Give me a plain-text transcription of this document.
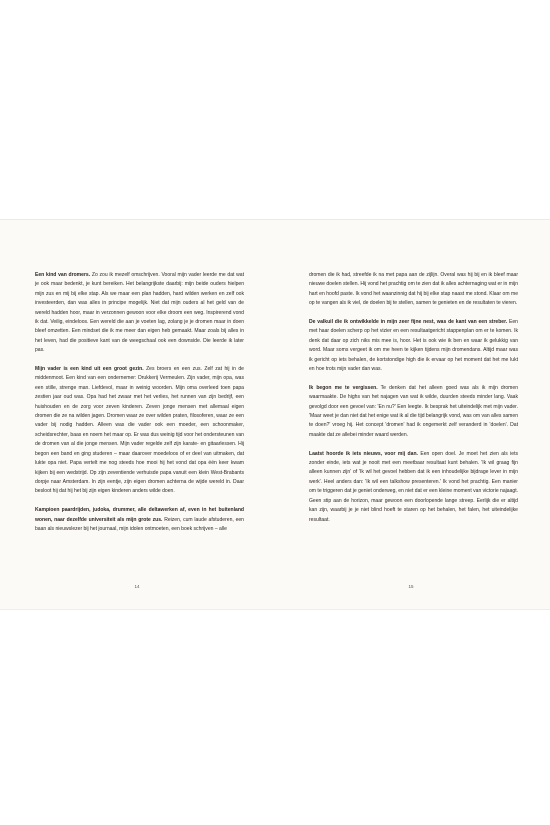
Een kind van dromers. Zo zou ik mezelf omschrijven. Vooral mijn vader leerde me dat wat je ook maar bedenkt, je kunt bereiken. Het belangrijkste daarbij: mijn beide ouders hielpen mijn zus en mij bij elke stap. Als we maar een plan hadden, hard wilden werken en zelf ook investeerden, dan was alles in principe mogelijk. Niet dat mijn ouders al het geld van de wereld hadden hoor, maar in verzonnen gewoon voor elke droom een weg. Inspirerend vond ik dat. Veilig, eindeloos. Een wereld die aan je voeten lag, zolang je je dromen maar in doen bleef omzetten. Een mindset die ik me meer dan eigen heb gemaakt. Maar zoals bij alles in het leven, had die positieve kant van de weegschaal ook een downside. Die leerde ik later pas.

Mijn vader is een kind uit een groot gezin. Zes broers en een zus. Zelf zat hij in de middenmoot. Een kind van een ondernemer: Drukkerij Vermeulen. Zijn vader, mijn opa, was een stille, strenge man. Liefdevol, maar in weinig woorden. Mijn oma overleed toen papa zestien jaar oud was. Opa had het zwaar met het verlies, het runnen van zijn bedrijf, een huishouden en de zorg voor zeven kinderen. Zeven jonge mensen met allemaal eigen dromen die ze na wilden jagen. Dromen waar ze over wilden praten, filosoferen, waar ze een vader bij nodig hadden. Alleen was die vader ook een moeder, een schoonmaker, scheidsrechter, baas en noem het maar op. Er was dus weinig tijd voor het ondersteunen van de dromen van al die jonge mensen. Mijn vader regelde zelf zijn karate- en gitaarlessen. Hij begon een band en ging studeren – maar daarover moedeloos of er deel van uitmaken, dat lukte opa niet. Papa vertelt me nog steeds hoe mooi hij het vond dat opa één keer kwam kijken bij een wedstrijd. Op zijn zeventiende verhuisde papa vanuit een klein West-Brabants dorpje naar Amsterdam. In zijn eentje, zijn eigen dromen achterna de wijde wereld in. Daar besloot hij dat hij het bij zijn eigen kinderen anders wilde doen.

Kampioen paardrijden, judoka, drummer, alle deltawerken af, even in het buitenland wonen, naar dezelfde universiteit als mijn grote zus. Reizen, cum laude afstuderen, een baan als nieuwslezer bij het journaal, mijn idolen ontmoeten, een boek schrijven – alle

14

dromen die ik had, streefde ik na met papa aan de zijlijn. Overal was hij bij en ik bleef maar nieuwe doelen stellen. Hij vond het prachtig om te zien dat ik alles achternaging wat er in mijn hart en hoofd paste. Ik vond het waanzinnig dat hij bij elke stap naast me stond. Klaar om me op te vangen als ik viel, de doelen bij te stellen, samen te genieten en de resultaten te vieren.

De valkuil die ik ontwikkelde in mijn zeer fijne nest, was de kant van een streber. Een met haar doelen scherp op het vizier en een resultaatgericht stappenplan om er te komen. Ik denk dat daar op zich niks mis mee is, hoor. Het is ook wie ik ben en waar ik gelukkig van word. Maar soms vergeet ik om me heen te kijken tijdens mijn dromendans. Altijd maar was ik gericht op iets behalen, de kortstondige high die ik ervaar op het moment dat het me lukt en hoe trots mijn vader dan was.

Ik begon me te vergissen. Te denken dat het alleen goed was als ik mijn dromen waarmaakte. De highs van het najagen van wat ik wilde, duurden steeds minder lang. Vaak gevolgd door een gevoel van: 'En nu?' Een leegte. Ik besprak het uiteindelijk met mijn vader. 'Maar weet je dan niet dat het enige wat ik al die tijd belangrijk vond, was om van alles samen te doen?' vroeg hij. Het concept 'dromen' had ik ongemerkt zelf veranderd in 'doelen'. Dat maakte dat ze allebei minder waard werden.

Laatst hoorde ik iets nieuws, voor mij dan. Een open doel. Je moet het zien als iets zonder einde, iets wat je nooit met een meetbaar resultaat kunt behalen. 'Ik wil graag fijn alleen kunnen zijn' of 'Ik wil het gevoel hebben dat ik een inhoudelijke bijdrage lever in mijn werk'. Heel anders dan: 'Ik wil een talkshow presenteren.' Ik vond het prachtig. Een manier om te triggeren dat je geniet onderweg, en niet dat er een kleine moment van victorie najaagt. Geen stip aan de horizon, maar gewoon een doorlopende lange streep. Eerlijk die er altijd kan zijn, waarbij je je niet blind hoeft te staren op het behalen, het falen, het uiteindelijke resultaat.

15
